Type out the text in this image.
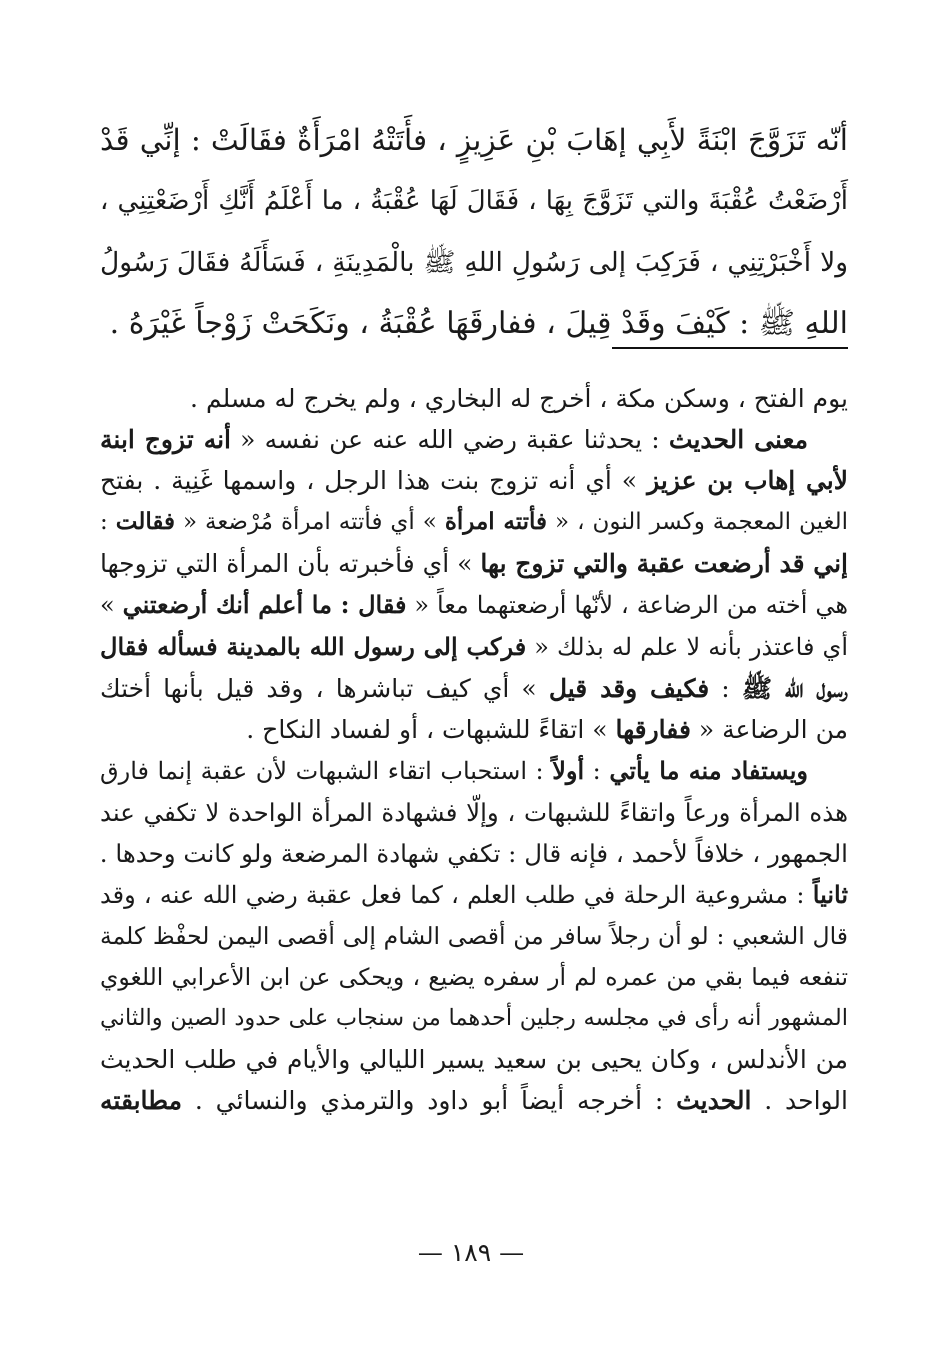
أنّه تَزَوَّجَ ابْنَةً لأَبِي إهَابَ بْنِ عَزِيزٍ ، فأَتَتْهُ امْرَأَةٌ فقَالَتْ : إنِّي قَدْ

أَرْضَعْتُ عُقْبَةَ والتي تَزَوَّجَ بِهَا ، فَقَالَ لَهَا عُقْبَةُ ، ما أَعْلَمُ أَنَّكِ أَرْضَعْتِنِي ،

ولا أَخْبَرْتِنِي ، فَرَكِبَ إلى رَسُولِ اللهِ ﷺ بالْمَدِينَةِ ، فَسَأَلَهُ فقَالَ رَسُولُ

اللهِ ﷺ : كَيْفَ وقَدْ قِيلَ ، ففارقَهَا عُقْبَةُ ، ونَكَحَتْ زَوْجاً غَيْرَهُ .

يوم الفتح ، وسكن مكة ، أخرج له البخاري ، ولم يخرج له مسلم .

معنى الحديث : يحدثنا عقبة رضي الله عنه عن نفسه « أنه تزوج ابنة

لأبي إهاب بن عزيز » أي أنه تزوج بنت هذا الرجل ، واسمها غَنِية . بفتح

الغين المعجمة وكسر النون ، « فأتته امرأة » أي فأتته امرأة مُرْضعة « فقالت :

إني قد أرضعت عقبة والتي تزوج بها » أي فأخبرته بأن المرأة التي تزوجها

هي أخته من الرضاعة ، لأنّها أرضعتهما معاً « فقال : ما أعلم أنك أرضعتني »

أي فاعتذر بأنه لا علم له بذلك « فركب إلى رسول الله بالمدينة فسأله فقال

رسول الله ﷺ : فكيف وقد قيل » أي كيف تباشرها ، وقد قيل بأنها أختك

من الرضاعة « ففارقها » اتقاءً للشبهات ، أو لفساد النكاح .

ويستفاد منه ما يأتي : أولاً : استحباب اتقاء الشبهات لأن عقبة إنما فارق

هذه المرأة ورعاً واتقاءً للشبهات ، وإلّا فشهادة المرأة الواحدة لا تكفي عند

الجمهور ، خلافاً لأحمد ، فإنه قال : تكفي شهادة المرضعة ولو كانت وحدها .

ثانياً : مشروعية الرحلة في طلب العلم ، كما فعل عقبة رضي الله عنه ، وقد

قال الشعبي : لو أن رجلاً سافر من أقصى الشام إلى أقصى اليمن لحفْظ كلمة

تنفعه فيما بقي من عمره لم أر سفره يضيع ، ويحكى عن ابن الأعرابي اللغوي

المشهور أنه رأى في مجلسه رجلين أحدهما من سنجاب على حدود الصين والثاني

من الأندلس ، وكان يحيى بن سعيد يسير الليالي والأيام في طلب الحديث

الواحد . الحديث : أخرجه أيضاً أبو داود والترمذي والنسائي . مطابقته

— ١٨٩ —
